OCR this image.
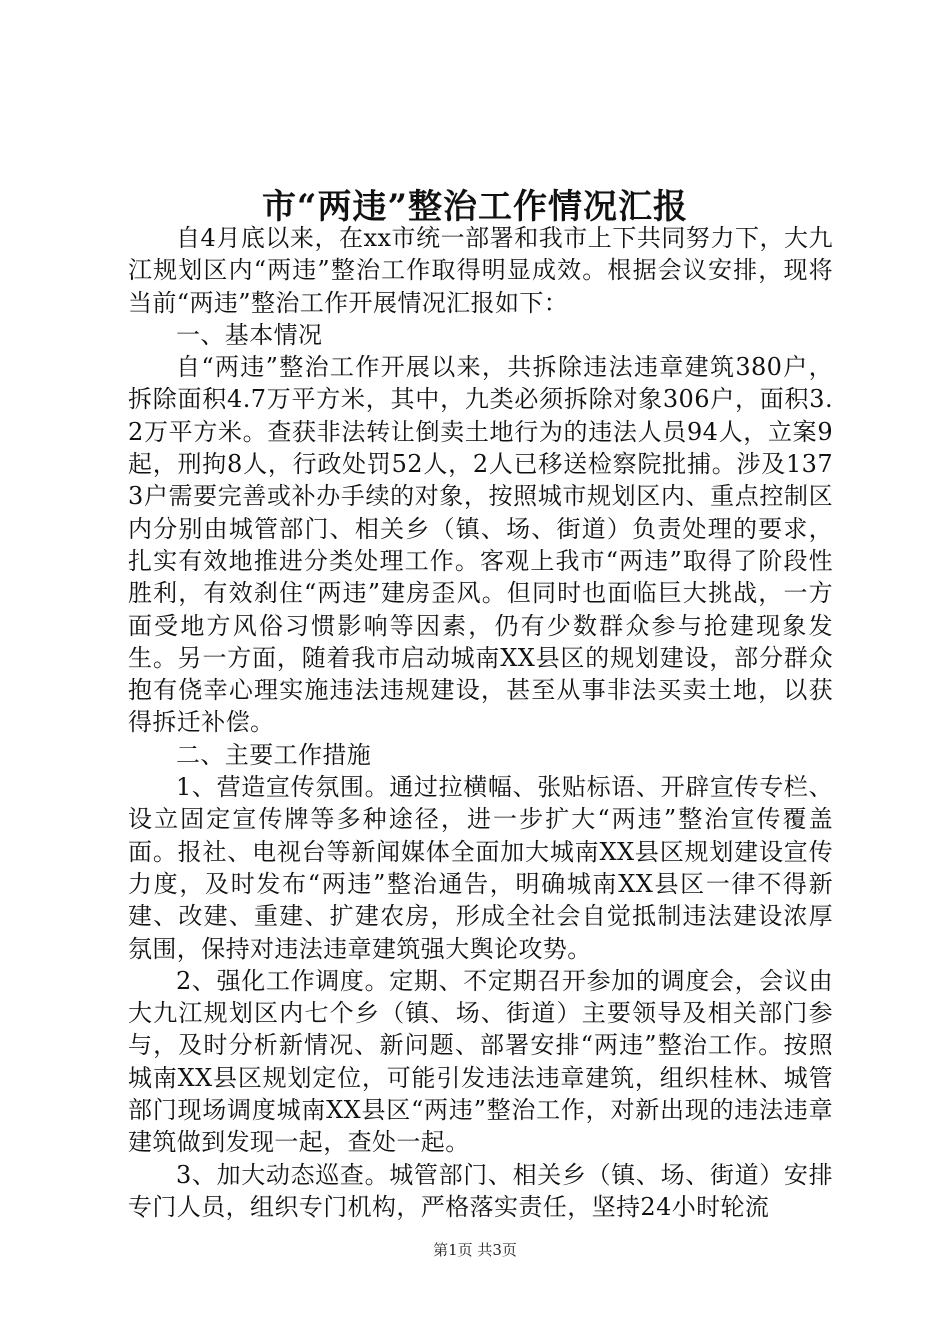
市“两违”整治工作情况汇报

自4月底以来，在xx市统一部署和我市上下共同努力下，大九江规划区内“两违”整治工作取得明显成效。根据会议安排，现将当前“两违”整治工作开展情况汇报如下：

一、基本情况

自“两违”整治工作开展以来，共拆除违法违章建筑380户，拆除面积4.7万平方米，其中，九类必须拆除对象306户，面积3.2万平方米。查获非法转让倒卖土地行为的违法人员94人，立案9起，刑拘8人，行政处罚52人，2人已移送检察院批捕。涉及1373户需要完善或补办手续的对象，按照城市规划区内、重点控制区内分别由城管部门、相关乡（镇、场、街道）负责处理的要求，扎实有效地推进分类处理工作。客观上我市“两违”取得了阶段性胜利，有效刹住“两违”建房歪风。但同时也面临巨大挑战，一方面受地方风俗习惯影响等因素，仍有少数群众参与抢建现象发生。另一方面，随着我市启动城南XX县区的规划建设，部分群众抱有侥幸心理实施违法违规建设，甚至从事非法买卖土地，以获得拆迁补偿。

二、主要工作措施

1、营造宣传氛围。通过拉横幅、张贴标语、开辟宣传专栏、设立固定宣传牌等多种途径，进一步扩大“两违”整治宣传覆盖面。报社、电视台等新闻媒体全面加大城南XX县区规划建设宣传力度，及时发布“两违”整治通告，明确城南XX县区一律不得新建、改建、重建、扩建农房，形成全社会自觉抵制违法建设浓厚氛围，保持对违法违章建筑强大舆论攻势。

2、强化工作调度。定期、不定期召开参加的调度会，会议由大九江规划区内七个乡（镇、场、街道）主要领导及相关部门参与，及时分析新情况、新问题、部署安排“两违”整治工作。按照城南XX县区规划定位，可能引发违法违章建筑，组织桂林、城管部门现场调度城南XX县区“两违”整治工作，对新出现的违法违章建筑做到发现一起，查处一起。

3、加大动态巡查。城管部门、相关乡（镇、场、街道）安排专门人员，组织专门机构，严格落实责任，坚持24小时轮流

第1页 共3页
